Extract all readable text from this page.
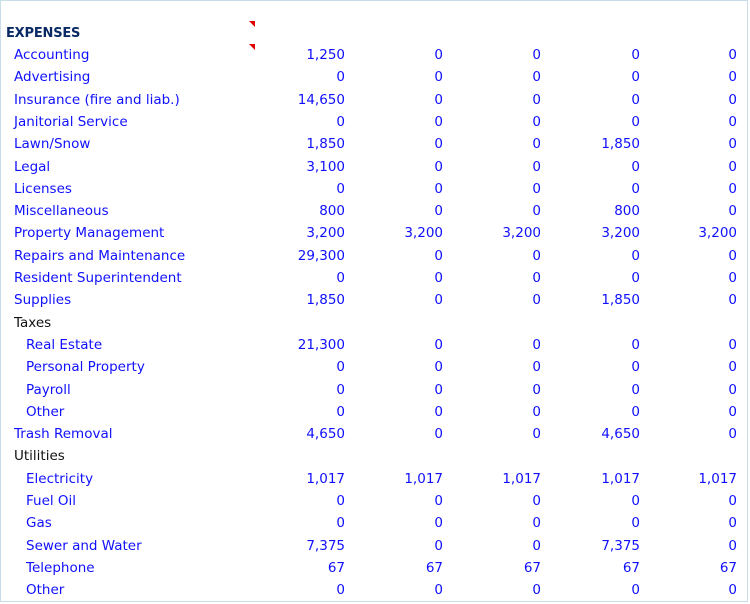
EXPENSES
Accounting	1,250	0	0	0	0
Advertising	0	0	0	0	0
Insurance (fire and liab.)	14,650	0	0	0	0
Janitorial Service	0	0	0	0	0
Lawn/Snow	1,850	0	0	1,850	0
Legal	3,100	0	0	0	0
Licenses	0	0	0	0	0
Miscellaneous	800	0	0	800	0
Property Management	3,200	3,200	3,200	3,200	3,200
Repairs and Maintenance	29,300	0	0	0	0
Resident Superintendent	0	0	0	0	0
Supplies	1,850	0	0	1,850	0
Taxes
Real Estate	21,300	0	0	0	0
Personal Property	0	0	0	0	0
Payroll	0	0	0	0	0
Other	0	0	0	0	0
Trash Removal	4,650	0	0	4,650	0
Utilities
Electricity	1,017	1,017	1,017	1,017	1,017
Fuel Oil	0	0	0	0	0
Gas	0	0	0	0	0
Sewer and Water	7,375	0	0	7,375	0
Telephone	67	67	67	67	67
Other	0	0	0	0	0
